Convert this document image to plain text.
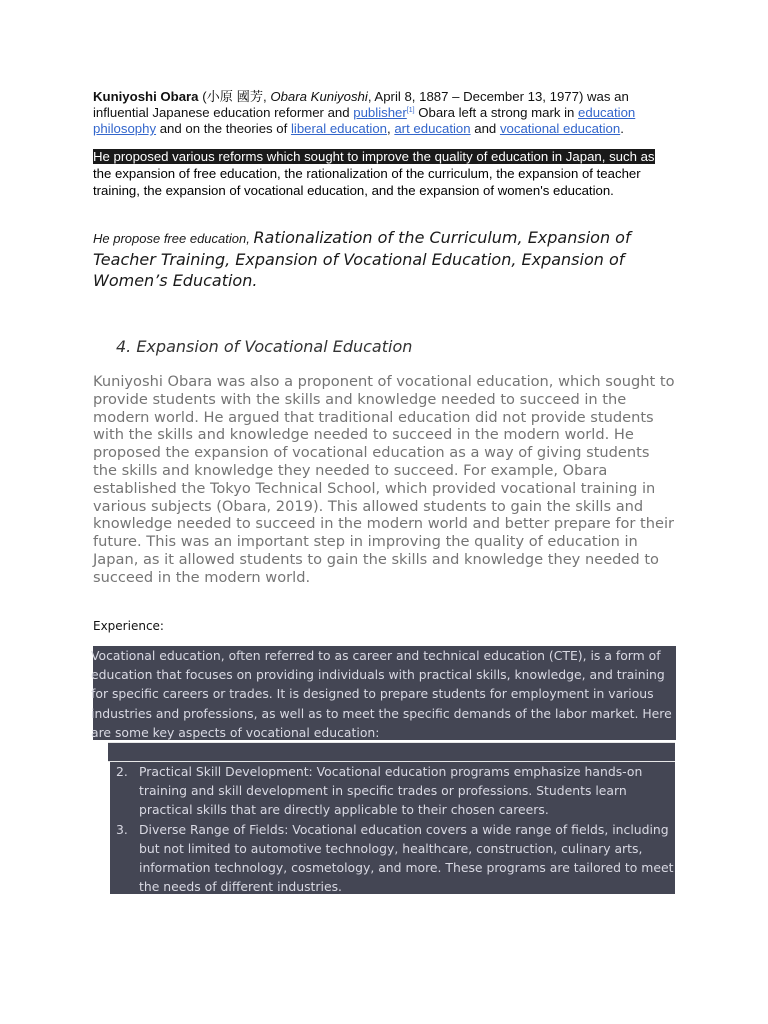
Kuniyoshi Obara (小原 國芳, Obara Kuniyoshi, April 8, 1887 – December 13, 1977) was an influential Japanese education reformer and publisher[1] Obara left a strong mark in education philosophy and on the theories of liberal education, art education and vocational education.

He proposed various reforms which sought to improve the quality of education in Japan, such as the expansion of free education, the rationalization of the curriculum, the expansion of teacher training, the expansion of vocational education, and the expansion of women's education.

He propose free education, Rationalization of the Curriculum, Expansion of Teacher Training, Expansion of Vocational Education, Expansion of Women’s Education.

4. Expansion of Vocational Education

Kuniyoshi Obara was also a proponent of vocational education, which sought to provide students with the skills and knowledge needed to succeed in the modern world. He argued that traditional education did not provide students with the skills and knowledge needed to succeed in the modern world. He proposed the expansion of vocational education as a way of giving students the skills and knowledge they needed to succeed. For example, Obara established the Tokyo Technical School, which provided vocational training in various subjects (Obara, 2019). This allowed students to gain the skills and knowledge needed to succeed in the modern world and better prepare for their future. This was an important step in improving the quality of education in Japan, as it allowed students to gain the skills and knowledge they needed to succeed in the modern world.

Experience:

Vocational education, often referred to as career and technical education (CTE), is a form of education that focuses on providing individuals with practical skills, knowledge, and training for specific careers or trades. It is designed to prepare students for employment in various industries and professions, as well as to meet the specific demands of the labor market. Here are some key aspects of vocational education:
2. Practical Skill Development: Vocational education programs emphasize hands-on training and skill development in specific trades or professions. Students learn practical skills that are directly applicable to their chosen careers.
3. Diverse Range of Fields: Vocational education covers a wide range of fields, including but not limited to automotive technology, healthcare, construction, culinary arts, information technology, cosmetology, and more. These programs are tailored to meet the needs of different industries.
